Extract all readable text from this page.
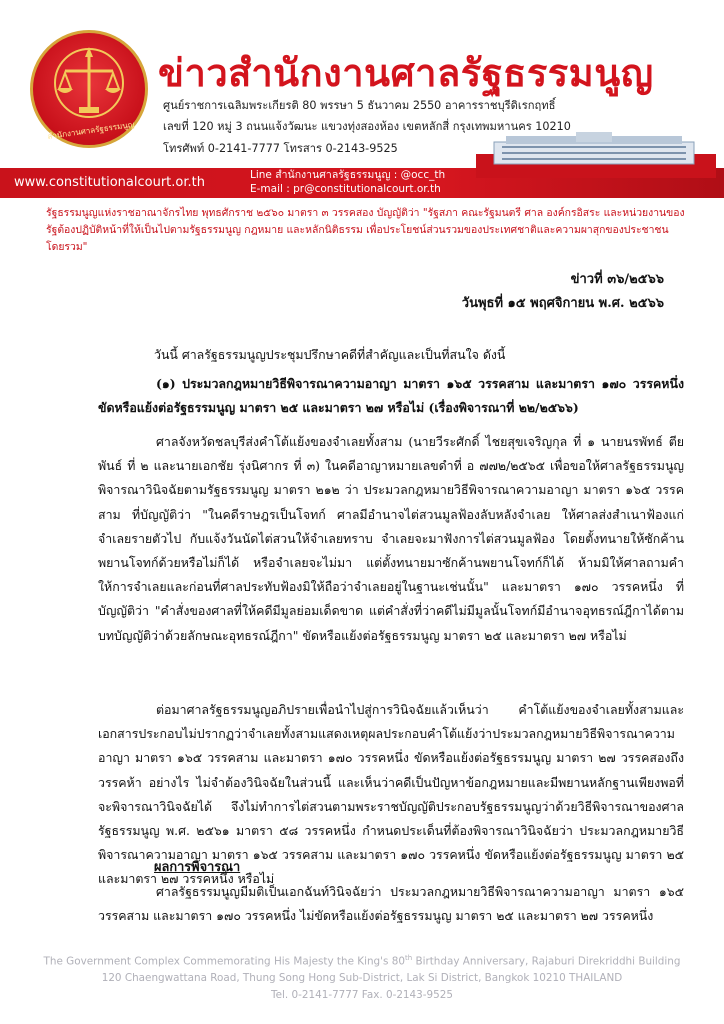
สำนักงานศาลรัฐธรรมนูญ
ข่าวสำนักงานศาลรัฐธรรมนูญ
ศูนย์ราชการเฉลิมพระเกียรติ 80 พรรษา 5 ธันวาคม 2550 อาคารราชบุรีดิเรกฤทธิ์
เลขที่ 120 หมู่ 3 ถนนแจ้งวัฒนะ แขวงทุ่งสองห้อง เขตหลักสี่ กรุงเทพมหานคร 10210
โทรศัพท์ 0-2141-7777 โทรสาร 0-2143-9525
www.constitutionalcourt.or.th	Line สำนักงานศาลรัฐธรรมนูญ : @occ_th
E-mail : pr@constitutionalcourt.or.th
รัฐธรรมนูญแห่งราชอาณาจักรไทย พุทธศักราช ๒๕๖๐ มาตรา ๓ วรรคสอง บัญญัติว่า "รัฐสภา คณะรัฐมนตรี ศาล องค์กรอิสระ และหน่วยงานของรัฐต้องปฏิบัติหน้าที่ให้เป็นไปตามรัฐธรรมนูญ กฎหมาย และหลักนิติธรรม เพื่อประโยชน์ส่วนรวมของประเทศชาติและความผาสุกของประชาชนโดยรวม"
ข่าวที่ ๓๖/๒๕๖๖
วันพุธที่ ๑๕ พฤศจิกายน พ.ศ. ๒๕๖๖
วันนี้ ศาลรัฐธรรมนูญประชุมปรึกษาคดีที่สำคัญและเป็นที่สนใจ ดังนี้
(๑) ประมวลกฎหมายวิธีพิจารณาความอาญา มาตรา ๑๖๕ วรรคสาม และมาตรา ๑๗๐ วรรคหนึ่ง ขัดหรือแย้งต่อรัฐธรรมนูญ มาตรา ๒๕ และมาตรา ๒๗ หรือไม่ (เรื่องพิจารณาที่ ๒๒/๒๕๖๖)
ศาลจังหวัดชลบุรีส่งคำโต้แย้งของจำเลยทั้งสาม (นายวีระศักดิ์ ไชยสุขเจริญกุล ที่ ๑ นายนรพัทธ์ ตียพันธ์ ที่ ๒ และนายเอกชัย รุ่งนิศากร ที่ ๓) ในคดีอาญาหมายเลขดำที่ อ ๗๗๒/๒๕๖๕ เพื่อขอให้ศาลรัฐธรรมนูญพิจารณาวินิจฉัยตามรัฐธรรมนูญ มาตรา ๒๑๒ ว่า ประมวลกฎหมายวิธีพิจารณาความอาญา มาตรา ๑๖๕ วรรคสาม ที่บัญญัติว่า "ในคดีราษฎรเป็นโจทก์ ศาลมีอำนาจไต่สวนมูลฟ้องลับหลังจำเลย ให้ศาลส่งสำเนาฟ้องแก่จำเลยรายตัวไป กับแจ้งวันนัดไต่สวนให้จำเลยทราบ จำเลยจะมาฟังการไต่สวนมูลฟ้อง โดยตั้งทนายให้ซักค้านพยานโจทก์ด้วยหรือไม่ก็ได้ หรือจำเลยจะไม่มา แต่ตั้งทนายมาซักค้านพยานโจทก์ก็ได้ ห้ามมิให้ศาลถามคำให้การจำเลยและก่อนที่ศาลประทับฟ้องมิให้ถือว่าจำเลยอยู่ในฐานะเช่นนั้น" และมาตรา ๑๗๐ วรรคหนึ่ง ที่บัญญัติว่า "คำสั่งของศาลที่ให้คดีมีมูลย่อมเด็ดขาด แต่คำสั่งที่ว่าคดีไม่มีมูลนั้นโจทก์มีอำนาจอุทธรณ์ฎีกาได้ตามบทบัญญัติว่าด้วยลักษณะอุทธรณ์ฎีกา" ขัดหรือแย้งต่อรัฐธรรมนูญ มาตรา ๒๕ และมาตรา ๒๗ หรือไม่
ต่อมาศาลรัฐธรรมนูญอภิปรายเพื่อนำไปสู่การวินิจฉัยแล้วเห็นว่า คำโต้แย้งของจำเลยทั้งสามและเอกสารประกอบไม่ปรากฏว่าจำเลยทั้งสามแสดงเหตุผลประกอบคำโต้แย้งว่าประมวลกฎหมายวิธีพิจารณาความอาญา มาตรา ๑๖๕ วรรคสาม และมาตรา ๑๗๐ วรรคหนึ่ง ขัดหรือแย้งต่อรัฐธรรมนูญ มาตรา ๒๗ วรรคสองถึงวรรคห้า อย่างไร ไม่จำต้องวินิจฉัยในส่วนนี้ และเห็นว่าคดีเป็นปัญหาข้อกฎหมายและมีพยานหลักฐานเพียงพอที่จะพิจารณาวินิจฉัยได้ จึงไม่ทำการไต่สวนตามพระราชบัญญัติประกอบรัฐธรรมนูญว่าด้วยวิธีพิจารณาของศาลรัฐธรรมนูญ พ.ศ. ๒๕๖๑ มาตรา ๕๘ วรรคหนึ่ง กำหนดประเด็นที่ต้องพิจารณาวินิจฉัยว่า ประมวลกฎหมายวิธีพิจารณาความอาญา มาตรา ๑๖๕ วรรคสาม และมาตรา ๑๗๐ วรรคหนึ่ง ขัดหรือแย้งต่อรัฐธรรมนูญ มาตรา ๒๕ และมาตรา ๒๗ วรรคหนึ่ง หรือไม่
ผลการพิจารณา
ศาลรัฐธรรมนูญมีมติเป็นเอกฉันท์วินิจฉัยว่า ประมวลกฎหมายวิธีพิจารณาความอาญา มาตรา ๑๖๕ วรรคสาม และมาตรา ๑๗๐ วรรคหนึ่ง ไม่ขัดหรือแย้งต่อรัฐธรรมนูญ มาตรา ๒๕ และมาตรา ๒๗ วรรคหนึ่ง
The Government Complex Commemorating His Majesty the King's 80th Birthday Anniversary, Rajaburi Direkriddhi Building
120 Chaengwattana Road, Thung Song Hong Sub-District, Lak Si District, Bangkok 10210 THAILAND
Tel. 0-2141-7777 Fax. 0-2143-9525
